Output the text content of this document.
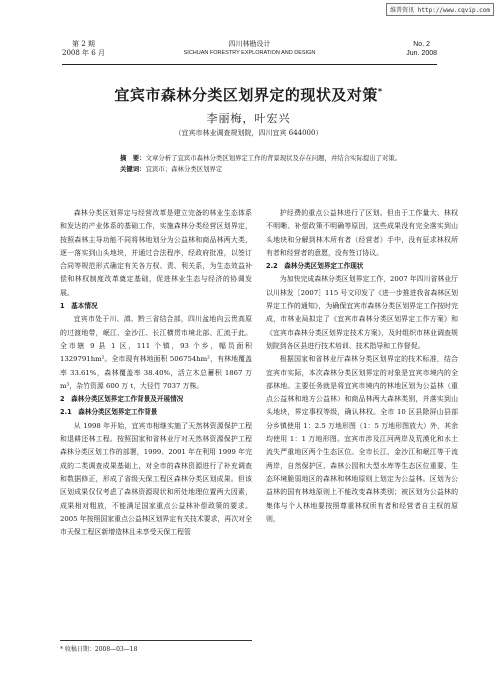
维普资讯 http://www.cqvip.com
第 2 期
2008 年 6 月
四川林勘设计
SICHUAN FORESTRY EXPLORATION AND DESIGN
No. 2
Jun. 2008
宜宾市森林分类区划界定的现状及对策*
李丽梅，叶宏兴
（宜宾市林业调查规划院，四川宜宾 644000）
摘　要：文章分析了宜宾市森林分类区划界定工作的背景现状及存在问题，并结合实际提出了对策。
关键词：宜宾市；森林分类区划界定

森林分类区划界定与经营改革是建立完备的林业生态体系和发达的产业体系的基础工作，实施森林分类经营区划界定，按照森林主导功能不同将林地划分为公益林和商品林两大类，逐一落实到山头地块，并通过合法程序，经政府批准，以签订合同等规范形式确定有关各方权、责、利关系，为生态效益补偿和林权制度改革奠定基础，促进林业生态与经济的协调发展。

1　基本情况

宜宾市处于川、滇、黔三省结合部，四川盆地向云贵高原的过渡地带，岷江、金沙江、长江横贯市境北部、汇流于此。全市辖 9 县 1 区，111 个镇，93 个乡，幅员面积 1329791hm²。全市现有林地面积 506754hm²，有林地覆盖率 33.61%，森林覆盖率 38.40%，活立木总蓄积 1867 万 m³，杂竹资源 600 万 t，大径竹 7037 万株。

2　森林分类区划界定工作背景及开展情况

2.1　森林分类区划界定工作背景

从 1998 年开始，宜宾市相继实施了天然林资源保护工程和退耕还林工程。按照国家和省林业厅对天然林资源保护工程森林分类区划工作的部署，1999、2001 年在利用 1999 年完成的二类调查成果基础上，对全市的森林资源进行了补充调查和数据修正，形成了省级天保工程区森林分类区划成果。但该区划成果仅仅考虑了森林资源现状和所处地理位置两大因素，成果相对粗放，不能满足国家重点公益林补偿政策的要求。2005 年按照国家重点公益林区划界定有关技术要求，再次对全市天保工程区新增造林且未享受天保工程管

护经费的重点公益林进行了区划。但由于工作量大、林权不明晰、补偿政策不明确等原因，这些成果没有完全落实到山头地块和分解到林木所有者（经营者）手中，没有征求林权所有者和经营者的意愿，没有签订协议。

2.2　森林分类区划界定工作现状

为加快完成森林分类区划界定工作，2007 年四川省林业厅以川林发［2007］115 号文印发了《进一步推进我省森林区划界定工作的通知》，为确保宜宾市森林分类区划界定工作按时完成，市林业局拟定了《宜宾市森林分类区划界定工作方案》和《宜宾市森林分类区划界定技术方案》，及时组织市林业调查规划院到各区县进行技术培训、技术指导和工作督促。

根据国家和省林业厅森林分类区划界定的技术标准，结合宜宾市实际，本次森林分类区划界定的对象是宜宾市境内的全部林地。主要任务就是将宜宾市境内的林地区划为公益林（重点公益林和地方公益林）和商品林两大森林类别，并落实到山头地块，界定事权等级，确认林权。全市 10 区县除屏山县部分乡镇使用 1：2.5 万地形图（1：5 万地形图放大）外，其余均使用 1：1 万地形图。宜宾市涉及江河两岸及荒漠化和水土流失严重地区两个生态区位。全市长江、金沙江和岷江等干流两岸，自然保护区、森林公园和大型水库等生态区位重要、生态环境脆弱地区的森林和林地原则上划定为公益林。区划为公益林的国有林地原则上不能改变森林类别；被区划为公益林的集体与个人林地要按照尊重林权所有者和经营者自主权的原则，

* 收稿日期：2008—03—18
